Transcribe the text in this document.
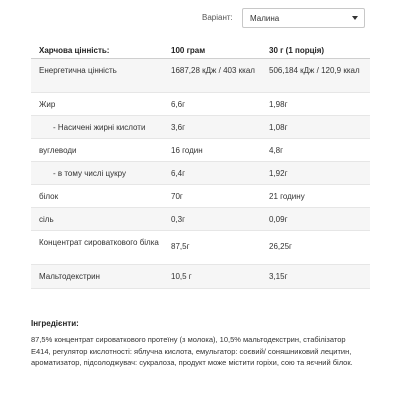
Варіант: Малина
Харчова цінність:	100 грам	30 г (1 порція)
Енергетична цінність	1687,28 кДж / 403 ккал	506,184 кДж / 120,9 ккал
Жир	6,6г	1,98г
- Насичені жирні кислоти	3,6г	1,08г
вуглеводи	16 годин	4,8г
- в тому числі цукру	6,4г	1,92г
білок	70г	21 годину
сіль	0,3г	0,09г
Концентрат сироваткового білка	87,5г	26,25г
Мальтодекстрин	10,5 г	3,15г
Інгредієнти:

87,5% концентрат сироваткового протеїну (з молока), 10,5% мальтодекстрин, стабілізатор Е414, регулятор кислотності: яблучна кислота, емульгатор: соєвий/ соняшниковий лецитин, ароматизатор, підсолоджувач: сукралоза, продукт може містити горіхи, сою та яєчний білок.
